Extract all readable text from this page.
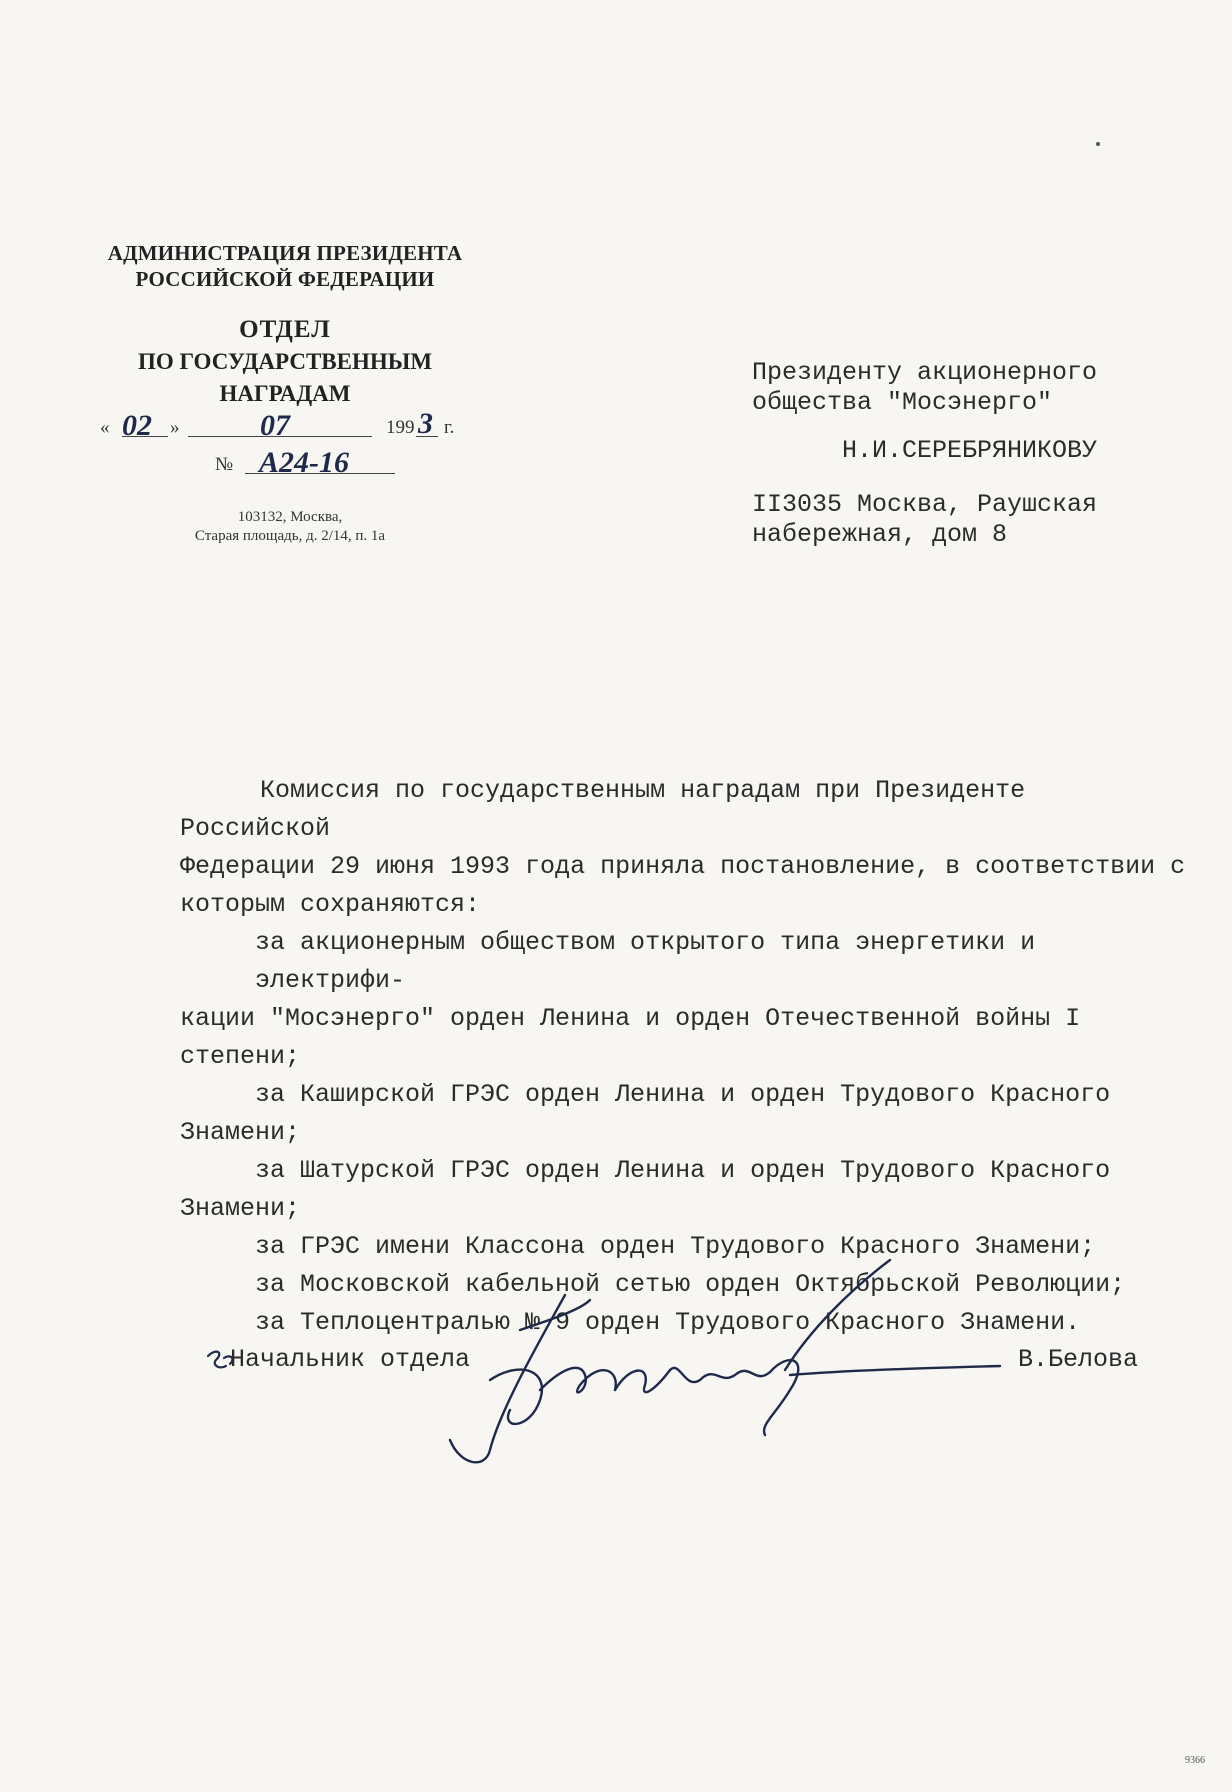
АДМИНИСТРАЦИЯ ПРЕЗИДЕНТА
РОССИЙСКОЙ ФЕДЕРАЦИИ
ОТДЕЛ
ПО ГОСУДАРСТВЕННЫМ НАГРАДАМ
« 02 »	07	199 3 г.
№ А24-16
103132, Москва,
Старая площадь, д. 2/14, п. 1а
Президенту акционерного
общества "Мосэнерго"
Н.И.СЕРЕБРЯНИКОВУ
II3035 Москва, Раушская
набережная, дом 8

Комиссия по государственным наградам при Президенте Российской

Федерации 29 июня 1993 года приняла постановление, в соответствии с

которым сохраняются:

за акционерным обществом открытого типа энергетики и электрифи-

кации "Мосэнерго" орден Ленина и орден Отечественной войны I степени;

за Каширской ГРЭС орден Ленина и орден Трудового Красного

Знамени;

за Шатурской ГРЭС орден Ленина и орден Трудового Красного

Знамени;

за ГРЭС имени Классона орден Трудового Красного Знамени;

за Московской кабельной сетью орден Октябрьской Революции;

за Теплоцентралью № 9 орден Трудового Красного Знамени.

Начальник отдела	В.Белова
9366
